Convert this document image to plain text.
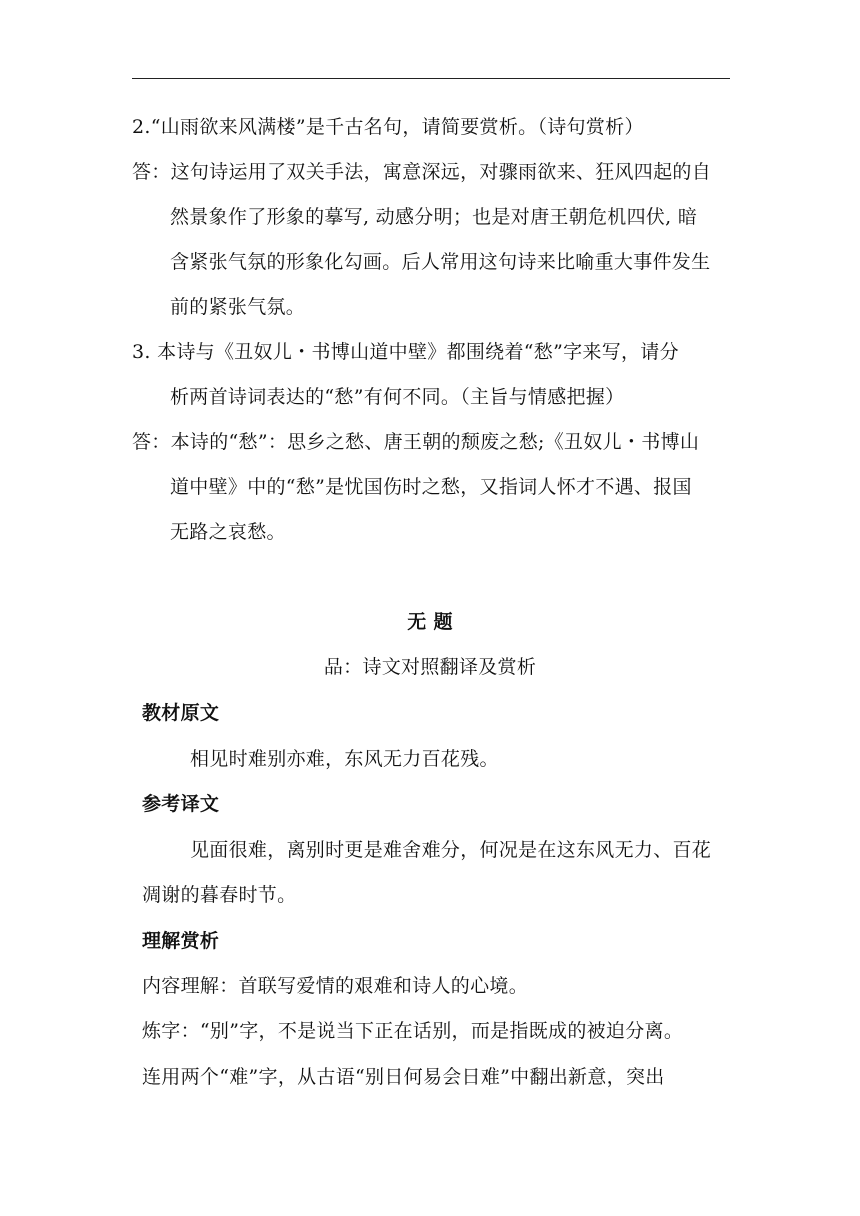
2.“山雨欲来风满楼”是千古名句，请简要赏析。（诗句赏析）
答：这句诗运用了双关手法，寓意深远，对骤雨欲来、狂风四起的自
然景象作了形象的摹写, 动感分明；也是对唐王朝危机四伏, 暗
含紧张气氛的形象化勾画。后人常用这句诗来比喻重大事件发生
前的紧张气氛。
3. 本诗与《丑奴儿・书博山道中壁》都围绕着“愁”字来写，请分
析两首诗词表达的“愁”有何不同。（主旨与情感把握）
答：本诗的“愁”：思乡之愁、唐王朝的颓废之愁;《丑奴儿・书博山
道中壁》中的“愁”是忧国伤时之愁，又指词人怀才不遇、报国
无路之哀愁。
无 题
品：诗文对照翻译及赏析
教材原文
相见时难别亦难，东风无力百花残。
参考译文
见面很难，离别时更是难舍难分，何况是在这东风无力、百花
凋谢的暮春时节。
理解赏析
内容理解：首联写爱情的艰难和诗人的心境。
炼字：“别”字，不是说当下正在话别，而是指既成的被迫分离。
连用两个“难”字，从古语“别日何易会日难”中翻出新意，突出
